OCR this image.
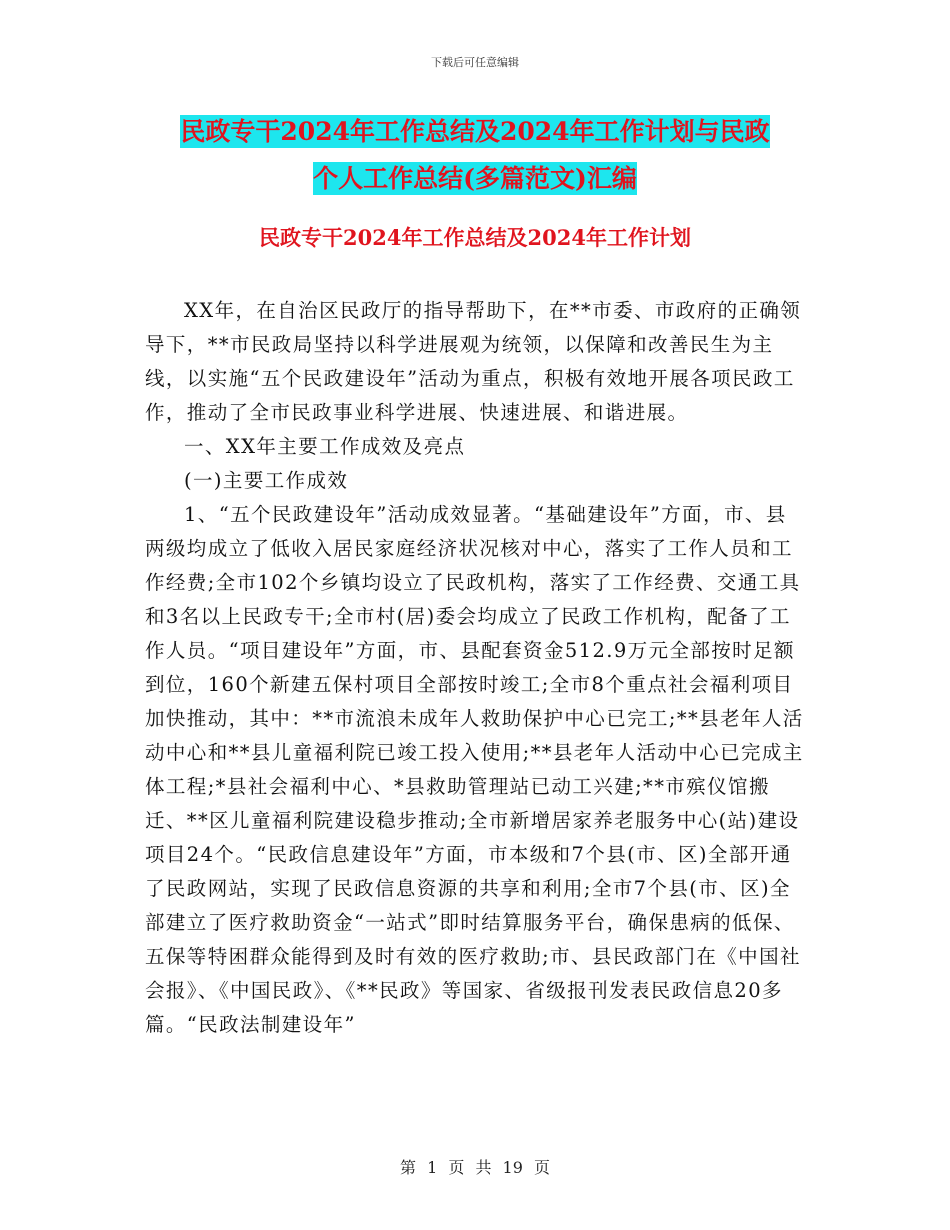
下载后可任意编辑
民政专干2024年工作总结及2024年工作计划与民政
个人工作总结(多篇范文)汇编
民政专干2024年工作总结及2024年工作计划

XX年，在自治区民政厅的指导帮助下，在**市委、市政府的正确领导下，**市民政局坚持以科学进展观为统领，以保障和改善民生为主线，以实施“五个民政建设年”活动为重点，积极有效地开展各项民政工作，推动了全市民政事业科学进展、快速进展、和谐进展。

一、XX年主要工作成效及亮点

(一)主要工作成效

1、“五个民政建设年”活动成效显著。“基础建设年”方面，市、县两级均成立了低收入居民家庭经济状况核对中心，落实了工作人员和工作经费;全市102个乡镇均设立了民政机构，落实了工作经费、交通工具和3名以上民政专干;全市村(居)委会均成立了民政工作机构，配备了工作人员。“项目建设年”方面，市、县配套资金512.9万元全部按时足额到位，160个新建五保村项目全部按时竣工;全市8个重点社会福利项目加快推动，其中：**市流浪未成年人救助保护中心已完工;**县老年人活动中心和**县儿童福利院已竣工投入使用;**县老年人活动中心已完成主体工程;*县社会福利中心、*县救助管理站已动工兴建;**市殡仪馆搬迁、**区儿童福利院建设稳步推动;全市新增居家养老服务中心(站)建设项目24个。“民政信息建设年”方面，市本级和7个县(市、区)全部开通了民政网站，实现了民政信息资源的共享和利用;全市7个县(市、区)全部建立了医疗救助资金“一站式”即时结算服务平台，确保患病的低保、五保等特困群众能得到及时有效的医疗救助;市、县民政部门在《中国社会报》、《中国民政》、《**民政》等国家、省级报刊发表民政信息20多篇。“民政法制建设年”

第 1 页 共 19 页
